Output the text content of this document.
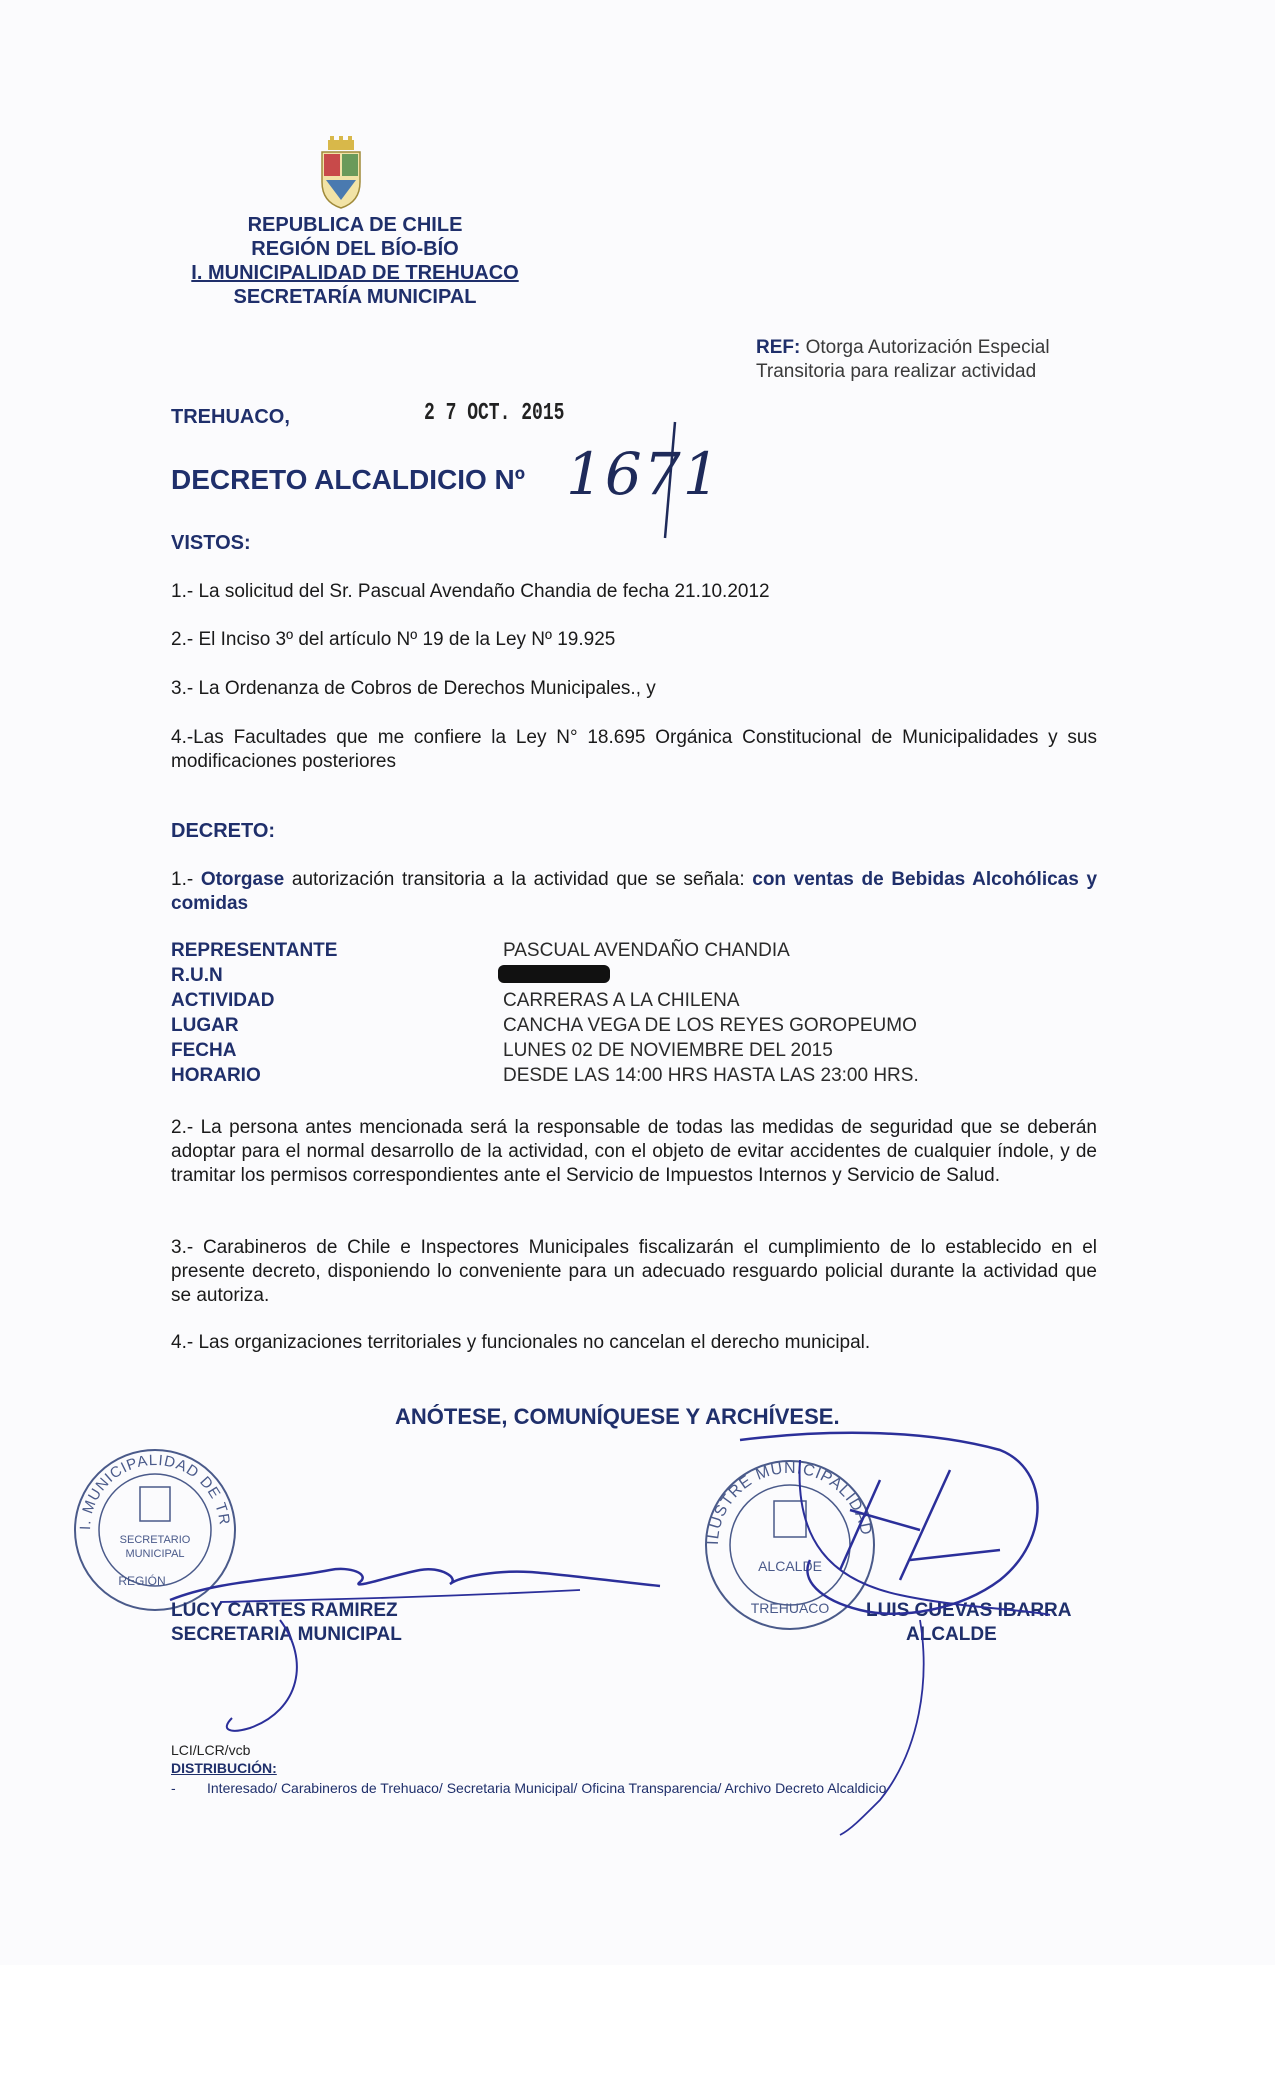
REPUBLICA DE CHILE
REGIÓN DEL BÍO-BÍO
I. MUNICIPALIDAD DE TREHUACO
SECRETARÍA MUNICIPAL
REF: Otorga Autorización Especial
Transitoria para realizar actividad
TREHUACO,	2 7 OCT. 2015
DECRETO ALCALDICIO Nº 1671
VISTOS:
1.- La solicitud del Sr. Pascual Avendaño Chandia de fecha 21.10.2012
2.- El Inciso 3º del artículo Nº 19 de la Ley Nº 19.925
3.- La Ordenanza de Cobros de Derechos Municipales., y
4.-Las Facultades que me confiere la Ley N° 18.695 Orgánica Constitucional de Municipalidades y sus modificaciones posteriores
DECRETO:
1.- Otorgase autorización transitoria a la actividad que se señala: con ventas de Bebidas Alcohólicas y comidas
REPRESENTANTE	PASCUAL AVENDAÑO CHANDIA
R.U.N
ACTIVIDAD	CARRERAS A LA CHILENA
LUGAR	CANCHA VEGA DE LOS REYES GOROPEUMO
FECHA	LUNES 02 DE NOVIEMBRE DEL 2015
HORARIO	DESDE LAS 14:00 HRS HASTA LAS 23:00 HRS.
2.- La persona antes mencionada será la responsable de todas las medidas de seguridad que se deberán adoptar para el normal desarrollo de la actividad, con el objeto de evitar accidentes de cualquier índole, y de tramitar los permisos correspondientes ante el Servicio de Impuestos Internos y Servicio de Salud.
3.- Carabineros de Chile e Inspectores Municipales fiscalizarán el cumplimiento de lo establecido en el presente decreto, disponiendo lo conveniente para un adecuado resguardo policial durante la actividad que se autoriza.
4.- Las organizaciones territoriales y funcionales no cancelan el derecho municipal.
ANÓTESE, COMUNÍQUESE Y ARCHÍVESE.
I. MUNICIPALIDAD DE TREHUACO
SECRETARIO
MUNICIPAL
REGIÓN
ILUSTRE MUNICIPALIDAD
ALCALDE
TREHUACO
LUCY CARTES RAMIREZ
SECRETARIA MUNICIPAL
LUIS CUEVAS IBARRA
ALCALDE
LCI/LCR/vcb
DISTRIBUCIÓN:
- Interesado/ Carabineros de Trehuaco/ Secretaria Municipal/ Oficina Transparencia/ Archivo Decreto Alcaldicio
